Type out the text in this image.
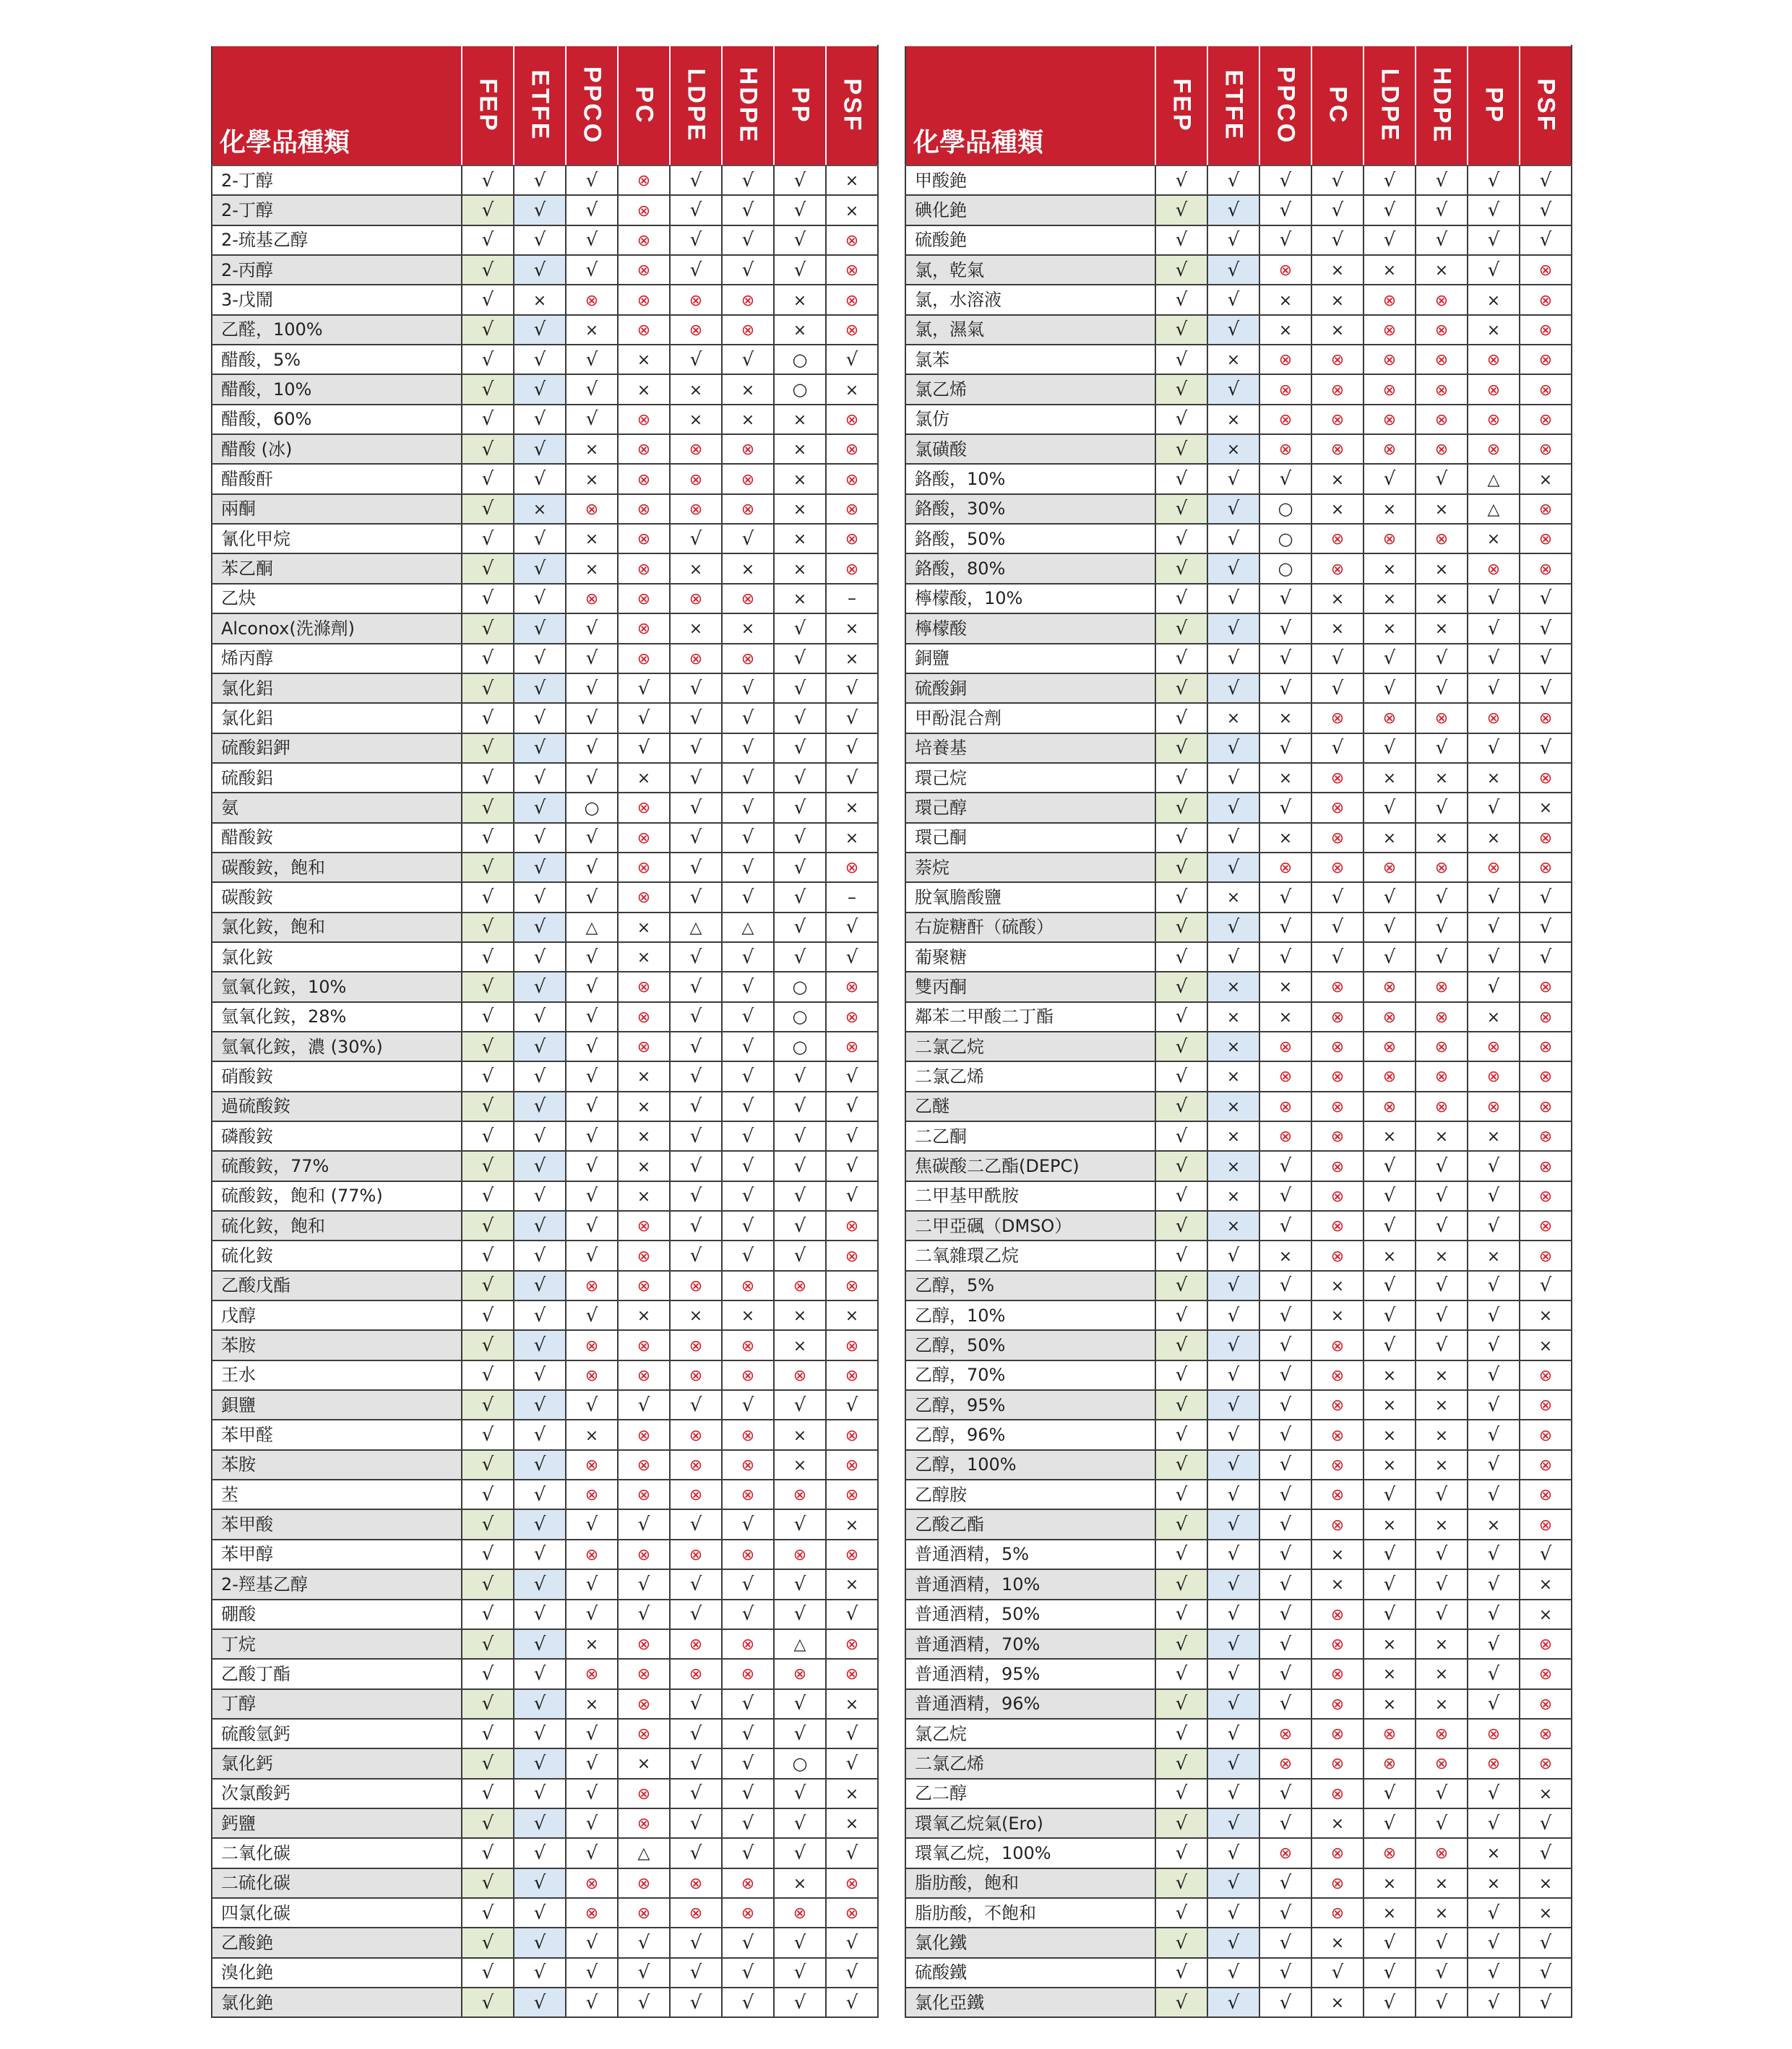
化學品種類	FEP	ETFE	PPCO	PC	LDPE	HDPE	PP	PSF

2-丁醇	√	√	√	⊗	√	√	√	×
2-丁醇	√	√	√	⊗	√	√	√	×
2-琉基乙醇	√	√	√	⊗	√	√	√	⊗
2-丙醇	√	√	√	⊗	√	√	√	⊗
3-戊鬧	√	×	⊗	⊗	⊗	⊗	×	⊗
乙醛，100%	√	√	×	⊗	⊗	⊗	×	⊗
醋酸，5%	√	√	√	×	√	√	○	√
醋酸，10%	√	√	√	×	×	×	○	×
醋酸，60%	√	√	√	⊗	×	×	×	⊗
醋酸 (冰)	√	√	×	⊗	⊗	⊗	×	⊗
醋酸酐	√	√	×	⊗	⊗	⊗	×	⊗
兩酮	√	×	⊗	⊗	⊗	⊗	×	⊗
氰化甲烷	√	√	×	⊗	√	√	×	⊗
苯乙酮	√	√	×	⊗	×	×	×	⊗
乙炔	√	√	⊗	⊗	⊗	⊗	×	–
Alconox(洗滌劑)	√	√	√	⊗	×	×	√	×
烯丙醇	√	√	√	⊗	⊗	⊗	√	×
氯化鋁	√	√	√	√	√	√	√	√
氯化鋁	√	√	√	√	√	√	√	√
硫酸鋁鉀	√	√	√	√	√	√	√	√
硫酸鋁	√	√	√	×	√	√	√	√
氨	√	√	○	⊗	√	√	√	×
醋酸銨	√	√	√	⊗	√	√	√	×
碳酸銨，飽和	√	√	√	⊗	√	√	√	⊗
碳酸銨	√	√	√	⊗	√	√	√	–
氯化銨，飽和	√	√	△	×	△	△	√	√
氯化銨	√	√	√	×	√	√	√	√
氫氧化銨，10%	√	√	√	⊗	√	√	○	⊗
氫氧化銨，28%	√	√	√	⊗	√	√	○	⊗
氫氧化銨，濃 (30%)	√	√	√	⊗	√	√	○	⊗
硝酸銨	√	√	√	×	√	√	√	√
過硫酸銨	√	√	√	×	√	√	√	√
磷酸銨	√	√	√	×	√	√	√	√
硫酸銨，77%	√	√	√	×	√	√	√	√
硫酸銨，飽和 (77%)	√	√	√	×	√	√	√	√
硫化銨，飽和	√	√	√	⊗	√	√	√	⊗
硫化銨	√	√	√	⊗	√	√	√	⊗
乙酸戊酯	√	√	⊗	⊗	⊗	⊗	⊗	⊗
戊醇	√	√	√	×	×	×	×	×
苯胺	√	√	⊗	⊗	⊗	⊗	×	⊗
王水	√	√	⊗	⊗	⊗	⊗	⊗	⊗
鋇鹽	√	√	√	√	√	√	√	√
苯甲醛	√	√	×	⊗	⊗	⊗	×	⊗
苯胺	√	√	⊗	⊗	⊗	⊗	×	⊗
苤	√	√	⊗	⊗	⊗	⊗	⊗	⊗
苯甲酸	√	√	√	√	√	√	√	×
苯甲醇	√	√	⊗	⊗	⊗	⊗	⊗	⊗
2-羥基乙醇	√	√	√	√	√	√	√	×
硼酸	√	√	√	√	√	√	√	√
丁烷	√	√	×	⊗	⊗	⊗	△	⊗
乙酸丁酯	√	√	⊗	⊗	⊗	⊗	⊗	⊗
丁醇	√	√	×	⊗	√	√	√	×
硫酸氫鈣	√	√	√	⊗	√	√	√	√
氯化鈣	√	√	√	×	√	√	○	√
次氯酸鈣	√	√	√	⊗	√	√	√	×
鈣鹽	√	√	√	⊗	√	√	√	×
二氧化碳	√	√	√	△	√	√	√	√
二硫化碳	√	√	⊗	⊗	⊗	⊗	×	⊗
四氯化碳	√	√	⊗	⊗	⊗	⊗	⊗	⊗
乙酸銫	√	√	√	√	√	√	√	√
溴化銫	√	√	√	√	√	√	√	√
氯化銫	√	√	√	√	√	√	√	√
化學品種類	FEP	ETFE	PPCO	PC	LDPE	HDPE	PP	PSF

甲酸銫	√	√	√	√	√	√	√	√
碘化銫	√	√	√	√	√	√	√	√
硫酸銫	√	√	√	√	√	√	√	√
氯，乾氣	√	√	⊗	×	×	×	√	⊗
氯，水溶液	√	√	×	×	⊗	⊗	×	⊗
氯，濕氣	√	√	×	×	⊗	⊗	×	⊗
氯苯	√	×	⊗	⊗	⊗	⊗	⊗	⊗
氯乙烯	√	√	⊗	⊗	⊗	⊗	⊗	⊗
氯仿	√	×	⊗	⊗	⊗	⊗	⊗	⊗
氯磺酸	√	×	⊗	⊗	⊗	⊗	⊗	⊗
鉻酸，10%	√	√	√	×	√	√	△	×
鉻酸，30%	√	√	○	×	×	×	△	⊗
鉻酸，50%	√	√	○	⊗	⊗	⊗	×	⊗
鉻酸，80%	√	√	○	⊗	×	×	⊗	⊗
檸檬酸，10%	√	√	√	×	×	×	√	√
檸檬酸	√	√	√	×	×	×	√	√
銅鹽	√	√	√	√	√	√	√	√
硫酸銅	√	√	√	√	√	√	√	√
甲酚混合劑	√	×	×	⊗	⊗	⊗	⊗	⊗
培養基	√	√	√	√	√	√	√	√
環己烷	√	√	×	⊗	×	×	×	⊗
環己醇	√	√	√	⊗	√	√	√	×
環己酮	√	√	×	⊗	×	×	×	⊗
萘烷	√	√	⊗	⊗	⊗	⊗	⊗	⊗
脫氧膽酸鹽	√	×	√	√	√	√	√	√
右旋糖酐（硫酸）	√	√	√	√	√	√	√	√
葡聚糖	√	√	√	√	√	√	√	√
雙丙酮	√	×	×	⊗	⊗	⊗	√	⊗
鄰苯二甲酸二丁酯	√	×	×	⊗	⊗	⊗	×	⊗
二氯乙烷	√	×	⊗	⊗	⊗	⊗	⊗	⊗
二氯乙烯	√	×	⊗	⊗	⊗	⊗	⊗	⊗
乙醚	√	×	⊗	⊗	⊗	⊗	⊗	⊗
二乙酮	√	×	⊗	⊗	×	×	×	⊗
焦碳酸二乙酯(DEPC)	√	×	√	⊗	√	√	√	⊗
二甲基甲酰胺	√	×	√	⊗	√	√	√	⊗
二甲亞碸（DMSO）	√	×	√	⊗	√	√	√	⊗
二氧雜環乙烷	√	√	×	⊗	×	×	×	⊗
乙醇，5%	√	√	√	×	√	√	√	√
乙醇，10%	√	√	√	×	√	√	√	×
乙醇，50%	√	√	√	⊗	√	√	√	×
乙醇，70%	√	√	√	⊗	×	×	√	⊗
乙醇，95%	√	√	√	⊗	×	×	√	⊗
乙醇，96%	√	√	√	⊗	×	×	√	⊗
乙醇，100%	√	√	√	⊗	×	×	√	⊗
乙醇胺	√	√	√	⊗	√	√	√	⊗
乙酸乙酯	√	√	√	⊗	×	×	×	⊗
普通酒精，5%	√	√	√	×	√	√	√	√
普通酒精，10%	√	√	√	×	√	√	√	×
普通酒精，50%	√	√	√	⊗	√	√	√	×
普通酒精，70%	√	√	√	⊗	×	×	√	⊗
普通酒精，95%	√	√	√	⊗	×	×	√	⊗
普通酒精，96%	√	√	√	⊗	×	×	√	⊗
氯乙烷	√	√	⊗	⊗	⊗	⊗	⊗	⊗
二氯乙烯	√	√	⊗	⊗	⊗	⊗	⊗	⊗
乙二醇	√	√	√	⊗	√	√	√	×
環氧乙烷氣(Ero)	√	√	√	×	√	√	√	√
環氧乙烷，100%	√	√	⊗	⊗	⊗	⊗	×	√
脂肪酸，飽和	√	√	√	⊗	×	×	×	×
脂肪酸，不飽和	√	√	√	⊗	×	×	√	×
氯化鐵	√	√	√	×	√	√	√	√
硫酸鐵	√	√	√	√	√	√	√	√
氯化亞鐵	√	√	√	×	√	√	√	√
